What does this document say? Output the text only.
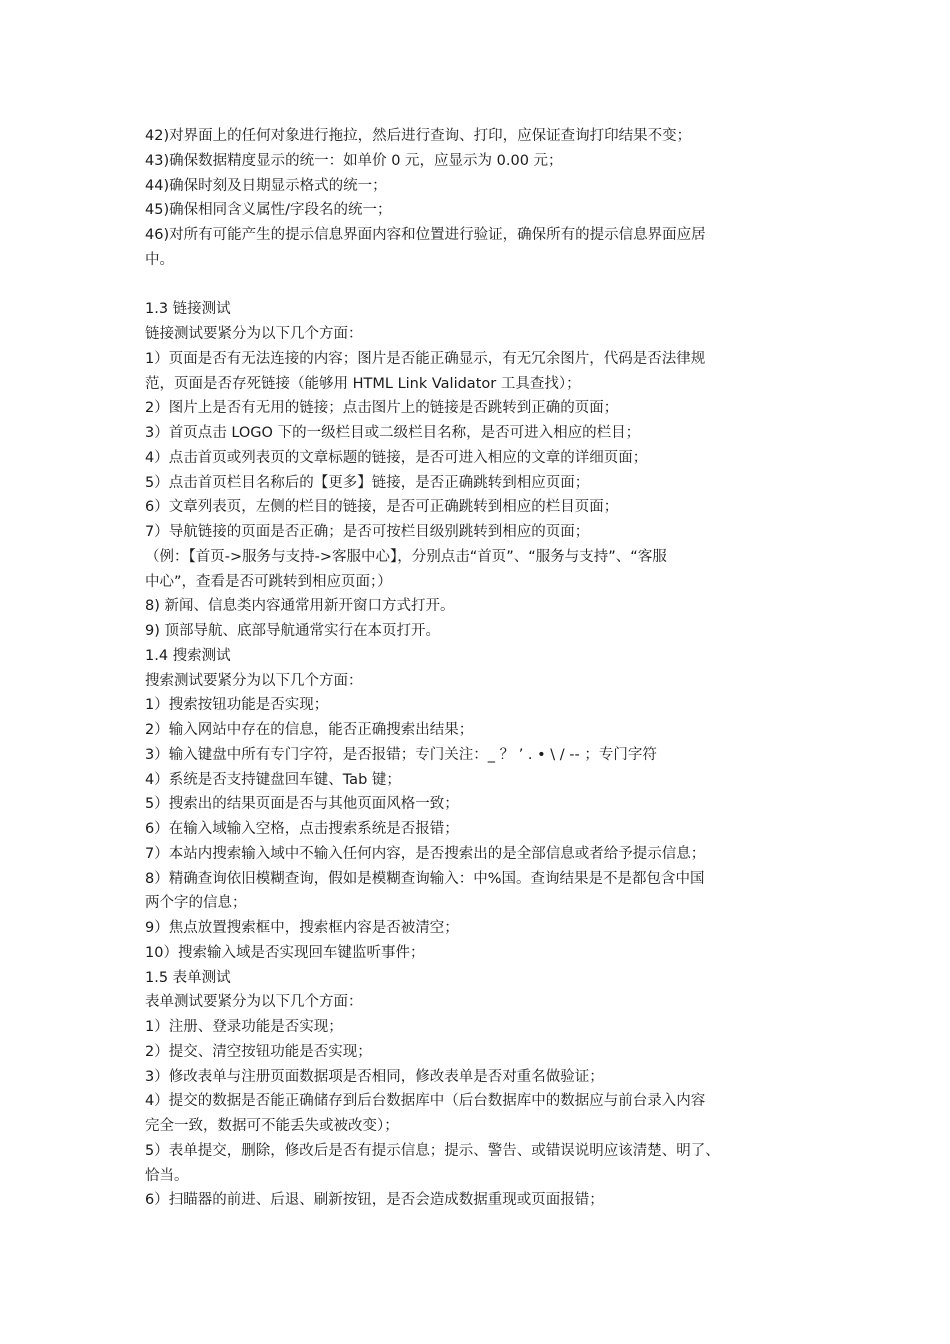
42)对界面上的任何对象进行拖拉，然后进行查询、打印，应保证查询打印结果不变；
43)确保数据精度显示的统一：如单价 0 元，应显示为 0.00 元；
44)确保时刻及日期显示格式的统一；
45)确保相同含义属性/字段名的统一；
46)对所有可能产生的提示信息界面内容和位置进行验证，确保所有的提示信息界面应居
中。
1.3 链接测试
链接测试要紧分为以下几个方面：
1）页面是否有无法连接的内容；图片是否能正确显示，有无冗余图片，代码是否法律规
范，页面是否存死链接（能够用 HTML Link Validator 工具查找）；
2）图片上是否有无用的链接；点击图片上的链接是否跳转到正确的页面；
3）首页点击 LOGO 下的一级栏目或二级栏目名称，是否可进入相应的栏目；
4）点击首页或列表页的文章标题的链接，是否可进入相应的文章的详细页面；
5）点击首页栏目名称后的【更多】链接，是否正确跳转到相应页面；
6）文章列表页，左侧的栏目的链接，是否可正确跳转到相应的栏目页面；
7）导航链接的页面是否正确；是否可按栏目级别跳转到相应的页面；
（例：【首页->服务与支持->客服中心】，分别点击“首页”、“服务与支持”、“客服
中心”，查看是否可跳转到相应页面；）
8) 新闻、信息类内容通常用新开窗口方式打开。
9) 顶部导航、底部导航通常实行在本页打开。
1.4 搜索测试
搜索测试要紧分为以下几个方面：
1）搜索按钮功能是否实现；
2）输入网站中存在的信息，能否正确搜索出结果；
3）输入键盘中所有专门字符，是否报错；专门关注：_ ？ ’ . • \ / -- ；专门字符
4）系统是否支持键盘回车键、Tab 键；
5）搜索出的结果页面是否与其他页面风格一致；
6）在输入域输入空格，点击搜索系统是否报错；
7）本站内搜索输入域中不输入任何内容，是否搜索出的是全部信息或者给予提示信息；
8）精确查询依旧模糊查询，假如是模糊查询输入：中%国。查询结果是不是都包含中国
两个字的信息；
9）焦点放置搜索框中，搜索框内容是否被清空；
10）搜索输入域是否实现回车键监听事件；
1.5 表单测试
表单测试要紧分为以下几个方面：
1）注册、登录功能是否实现；
2）提交、清空按钮功能是否实现；
3）修改表单与注册页面数据项是否相同，修改表单是否对重名做验证；
4）提交的数据是否能正确储存到后台数据库中（后台数据库中的数据应与前台录入内容
完全一致，数据可不能丢失或被改变）；
5）表单提交，删除，修改后是否有提示信息；提示、警告、或错误说明应该清楚、明了、
恰当。
6）扫瞄器的前进、后退、刷新按钮，是否会造成数据重现或页面报错；
